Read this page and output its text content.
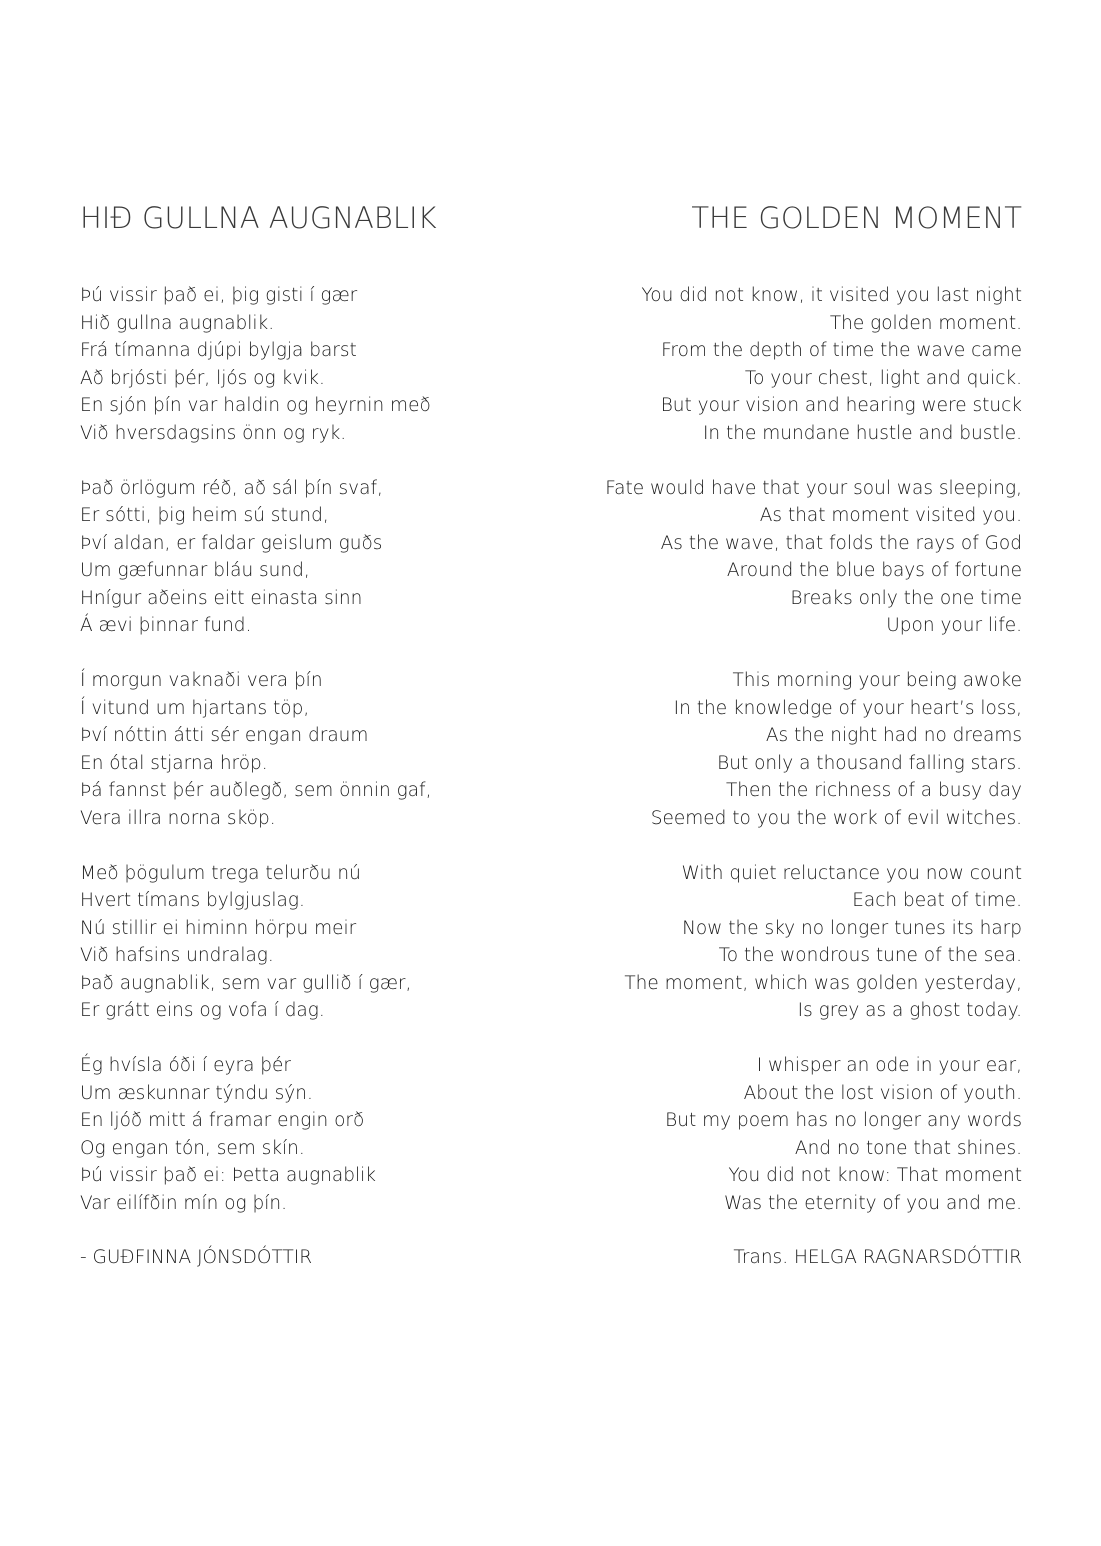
HIÐ GULLNA AUGNABLIK
Þú vissir það ei, þig gisti í gær
Hið gullna augnablik.
Frá tímanna djúpi bylgja barst
Að brjósti þér, ljós og kvik.
En sjón þín var haldin og heyrnin með
Við hversdagsins önn og ryk.
Það örlögum réð, að sál þín svaf,
Er sótti, þig heim sú stund,
Því aldan, er faldar geislum guðs
Um gæfunnar bláu sund,
Hnígur aðeins eitt einasta sinn
Á ævi þinnar fund.
Í morgun vaknaði vera þín
Í vitund um hjartans töp,
Því nóttin átti sér engan draum
En ótal stjarna hröp.
Þá fannst þér auðlegð, sem önnin gaf,
Vera illra norna sköp.
Með þögulum trega telurðu nú
Hvert tímans bylgjuslag.
Nú stillir ei himinn hörpu meir
Við hafsins undralag.
Það augnablik, sem var gullið í gær,
Er grátt eins og vofa í dag.
Ég hvísla óði í eyra þér
Um æskunnar týndu sýn.
En ljóð mitt á framar engin orð
Og engan tón, sem skín.
Þú vissir það ei: Þetta augnablik
Var eilífðin mín og þín.
- GUÐFINNA JÓNSDÓTTIR
THE GOLDEN MOMENT
You did not know, it visited you last night
The golden moment.
From the depth of time the wave came
To your chest, light and quick.
But your vision and hearing were stuck
In the mundane hustle and bustle.
Fate would have that your soul was sleeping,
As that moment visited you.
As the wave, that folds the rays of God
Around the blue bays of fortune
Breaks only the one time
Upon your life.
This morning your being awoke
In the knowledge of your heart’s loss,
As the night had no dreams
But only a thousand falling stars.
Then the richness of a busy day
Seemed to you the work of evil witches.
With quiet reluctance you now count
Each beat of time.
Now the sky no longer tunes its harp
To the wondrous tune of the sea.
The moment, which was golden yesterday,
Is grey as a ghost today.
I whisper an ode in your ear,
About the lost vision of youth.
But my poem has no longer any words
And no tone that shines.
You did not know: That moment
Was the eternity of you and me.
Trans. HELGA RAGNARSDÓTTIR
